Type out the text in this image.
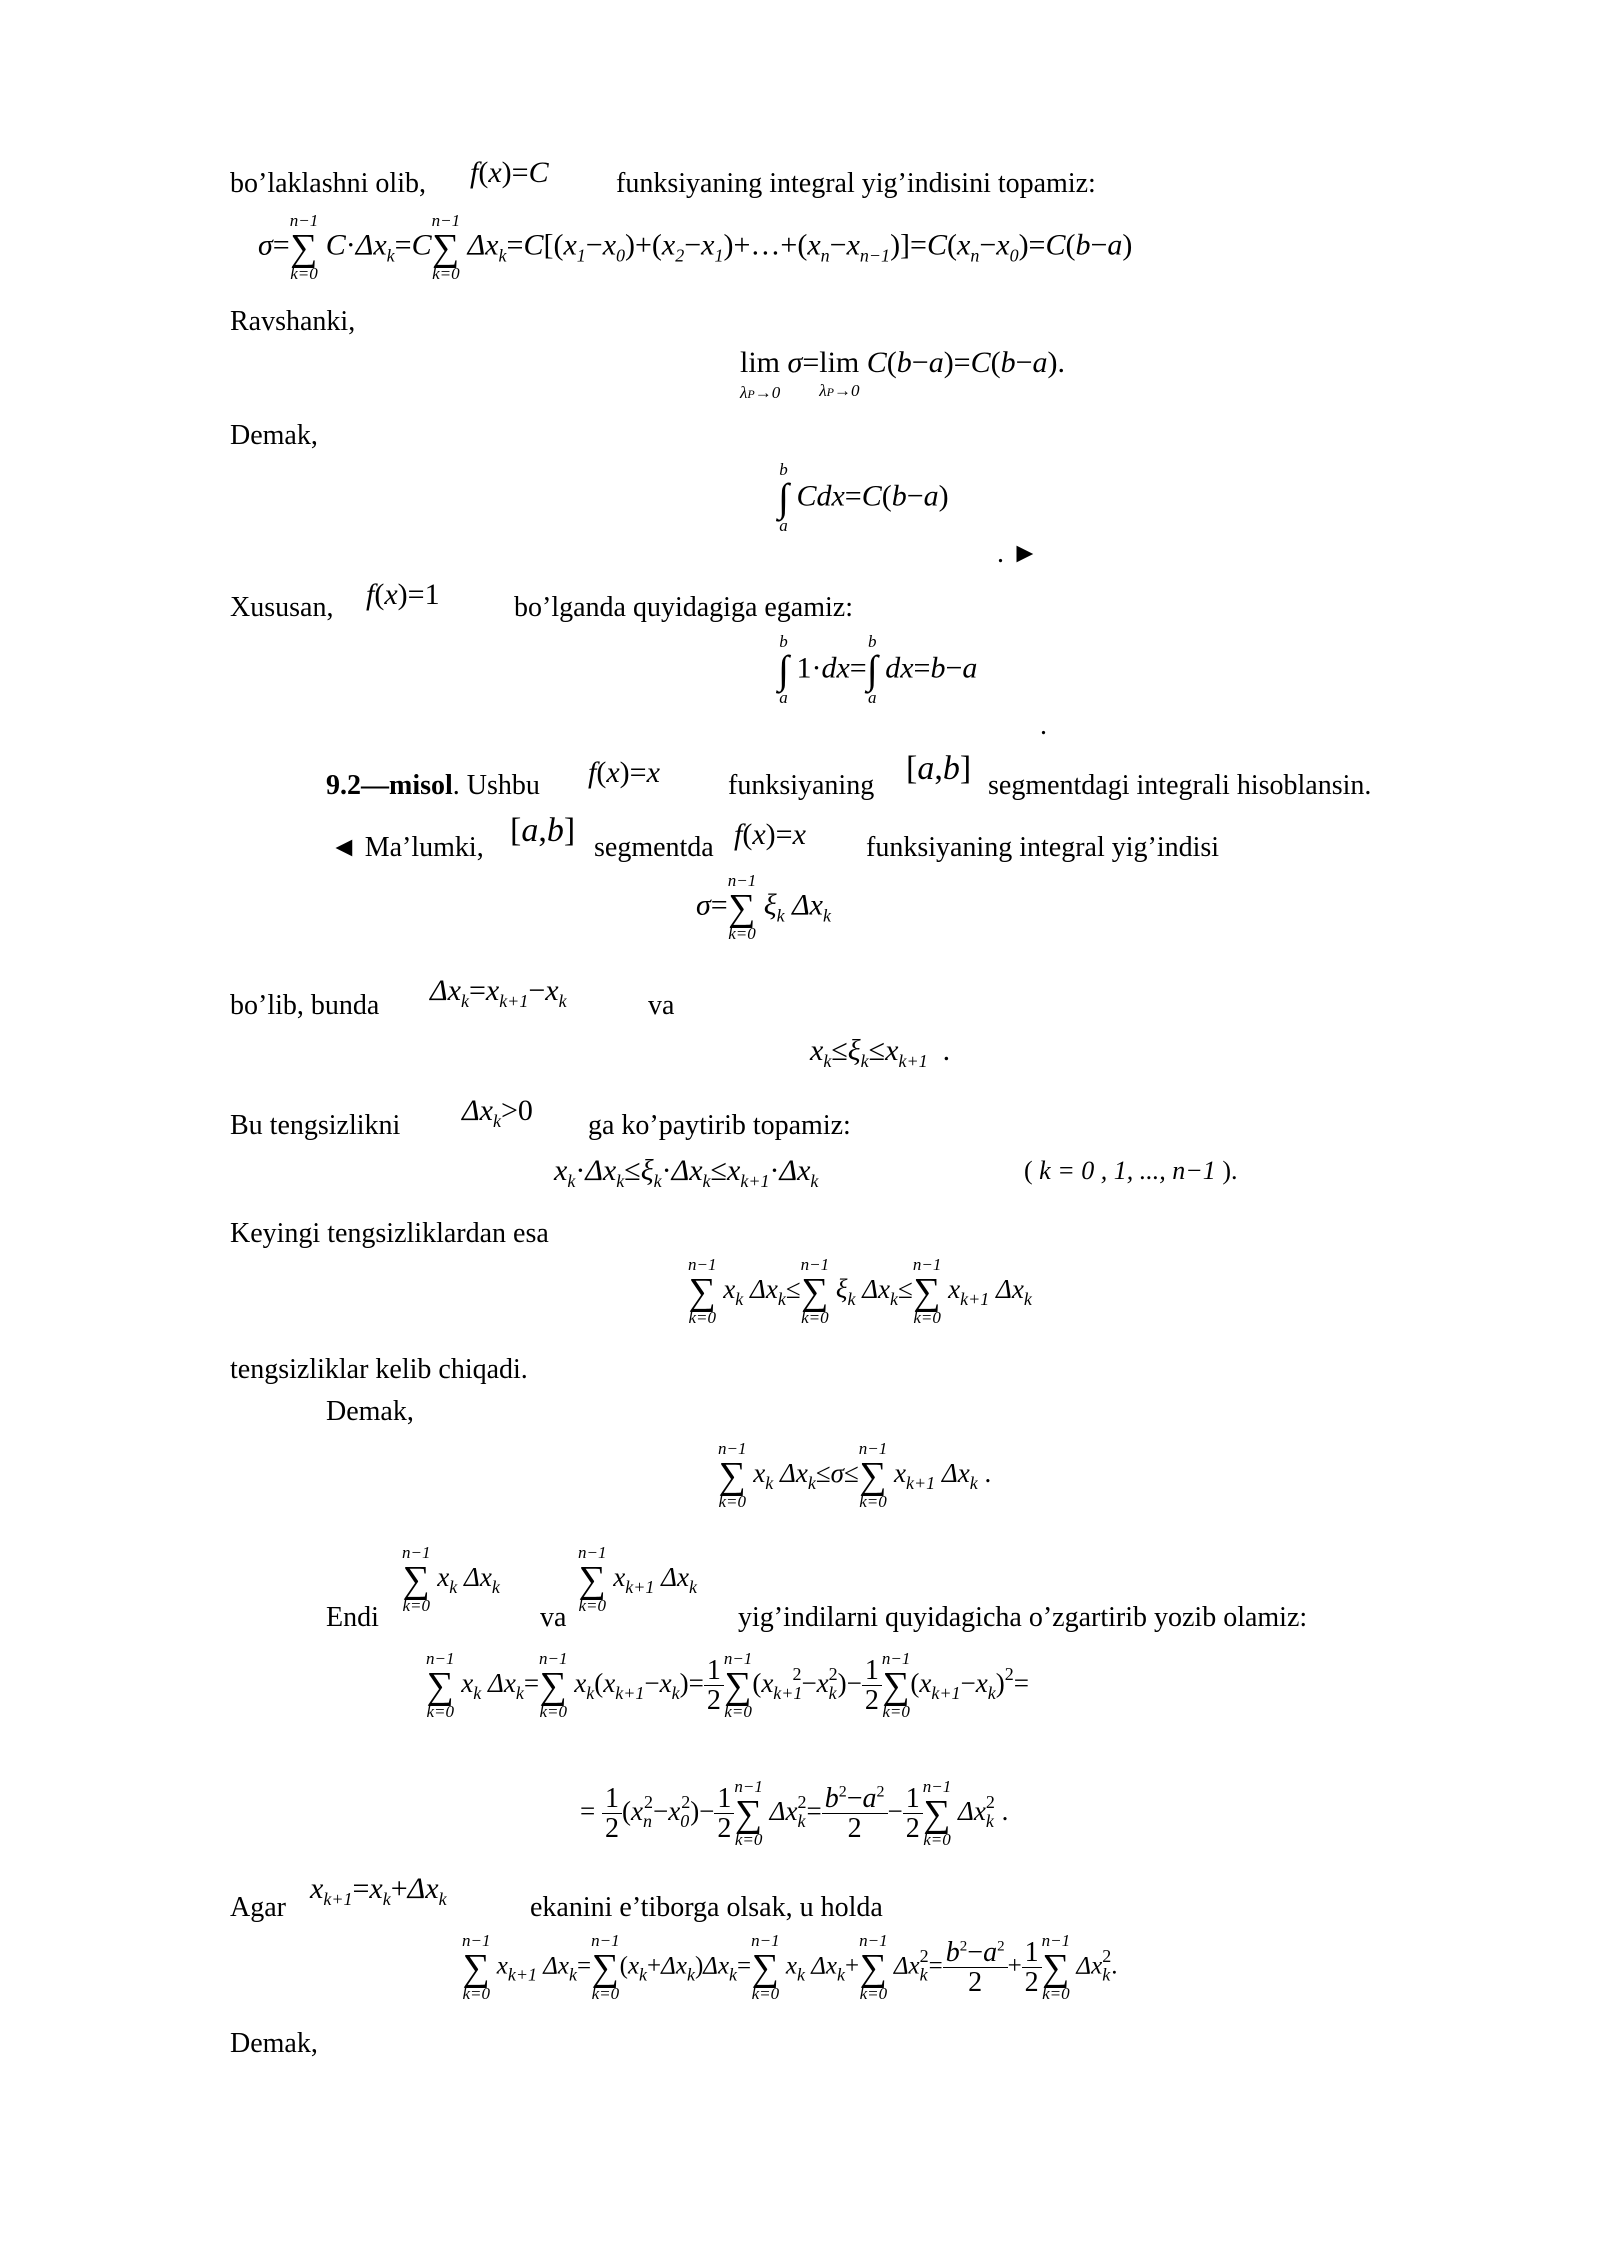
bo’laklashni olib, f(x)=C funksiyaning integral yig’indisini topamiz:
σ=
n−1
∑
k=0
$C\cdot\Delta x_k=C$
n−1
∑
k=0
$\Delta x_k=C[(x_1-x_0)+(x_2-x_1)+\dots+(x_n-x_{n-1})]=C(x_n-x_0)=C(b-a)$
Ravshanki,
lim
λP→0
σ=lim
λP→0
C(b−a)=C(b−a).
Demak,
b
∫
a
Cdx=C(b−a)
. ►
Xususan, f(x)=1	bo’lganda quyidagiga egamiz:
b
∫
a
1·dx=
b
∫
a
dx=b−a
.
9.2—misol. Ushbu f(x)=x funksiyaning [a,b] segmentdagi integrali hisoblansin.
◄ Ma’lumki, [a,b] segmentda f(x)=x funksiyaning integral yig’indisi
σ=
n−1
∑
k=0
$\xi_k$ $\Delta x_k$
bo’lib, bunda $\Delta x_k=x_{k+1}-x_k$	va
$x_k\le\xi_k\le x_{k+1}$  .
Bu tengsizlikni $\Delta x_k>0$ ga ko’paytirib topamiz:
$x_k\cdot\Delta x_k\le\xi_k\cdot\Delta x_k\le x_{k+1}\cdot\Delta x_k$	( k = 0 , 1, ..., n−1 ).
Keyingi tengsizliklardan esa
n−1
∑
k=0
$x_k$ $\Delta x_k\le$
n−1
∑
k=0
$\xi_k$ $\Delta x_k\le$
n−1
∑
k=0
$x_{k+1}$ $\Delta x_k$
tengsizliklar kelib chiqadi.
Demak,
n−1
∑
k=0
$x_k$ $\Delta x_k\le\sigma\le$
n−1
∑
k=0
$x_{k+1}$ $\Delta x_k$ .
Endi
n−1
∑
k=0
$x_k$ $\Delta x_k$
va
n−1
∑
k=0
$x_{k+1}$ $\Delta x_k$
yig’indilarni quyidagicha o’zgartirib yozib olamiz:
n−1
∑
k=0
$x_k$ $\Delta x_k=$
n−1
∑
k=0
$x_k(x_{k+1}-x_k)= \frac{1}{2} n-1$
∑
k=0
$(x_{k+1}^2-x_k^2)- \frac{1}{2} n-1$
∑
k=0
$(x_{k+1}-x_k)^2=$
= $\frac{1}{2} (x_n^2-x_0^2)- \frac{1}{2} n-1$
∑
k=0
$\Delta x_k^2= \frac{b^2-a^2}{2} - \frac{1}{2} n-1$
∑
k=0
$\Delta x_k^2$ .
Agar
$x_{k+1}=x_k+\Delta x_k$	ekanini e’tiborga olsak, u holda
n−1
∑
k=0
$x_{k+1}$ $\Delta x_k=$
n−1
∑
k=0
$(x_k+\Delta x_k)\Delta x_k=$
n−1
∑
k=0
$x_k$ $\Delta x_k+$
n−1
∑
k=0
$\Delta x_k^2= \frac{b^2-a^2}{2} + \frac{1}{2} n-1$
∑
k=0
$\Delta x_k^2$.
Demak,
